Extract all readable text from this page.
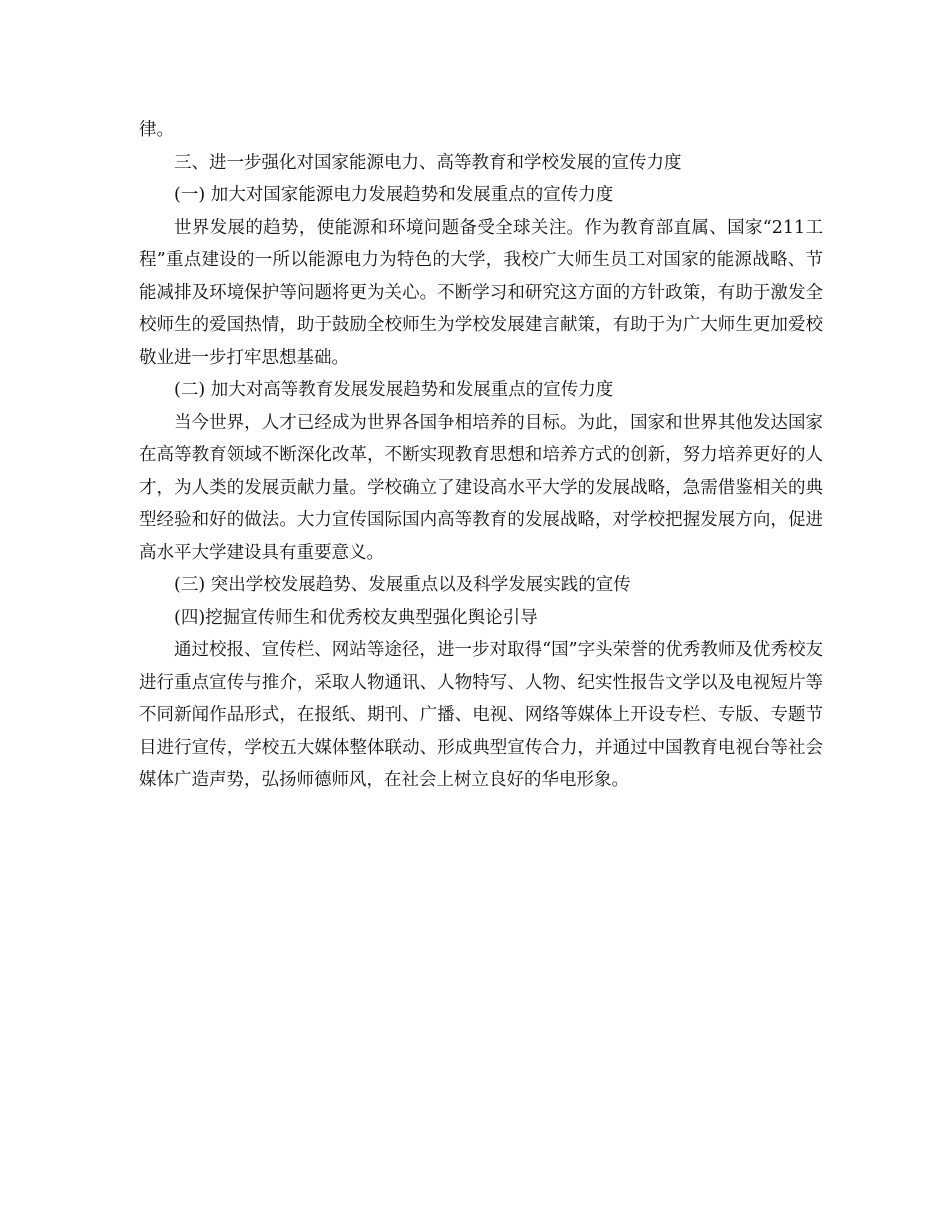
律。

三、进一步强化对国家能源电力、高等教育和学校发展的宣传力度

(一) 加大对国家能源电力发展趋势和发展重点的宣传力度

世界发展的趋势，使能源和环境问题备受全球关注。作为教育部直属、国家“211工程”重点建设的一所以能源电力为特色的大学，我校广大师生员工对国家的能源战略、节能减排及环境保护等问题将更为关心。不断学习和研究这方面的方针政策，有助于激发全校师生的爱国热情，助于鼓励全校师生为学校发展建言献策，有助于为广大师生更加爱校敬业进一步打牢思想基础。

(二) 加大对高等教育发展发展趋势和发展重点的宣传力度

当今世界，人才已经成为世界各国争相培养的目标。为此，国家和世界其他发达国家在高等教育领域不断深化改革，不断实现教育思想和培养方式的创新，努力培养更好的人才，为人类的发展贡献力量。学校确立了建设高水平大学的发展战略，急需借鉴相关的典型经验和好的做法。大力宣传国际国内高等教育的发展战略，对学校把握发展方向，促进高水平大学建设具有重要意义。

(三) 突出学校发展趋势、发展重点以及科学发展实践的宣传

(四)挖掘宣传师生和优秀校友典型强化舆论引导

通过校报、宣传栏、网站等途径，进一步对取得“国”字头荣誉的优秀教师及优秀校友进行重点宣传与推介，采取人物通讯、人物特写、人物、纪实性报告文学以及电视短片等不同新闻作品形式，在报纸、期刊、广播、电视、网络等媒体上开设专栏、专版、专题节目进行宣传，学校五大媒体整体联动、形成典型宣传合力，并通过中国教育电视台等社会媒体广造声势，弘扬师德师风，在社会上树立良好的华电形象。
